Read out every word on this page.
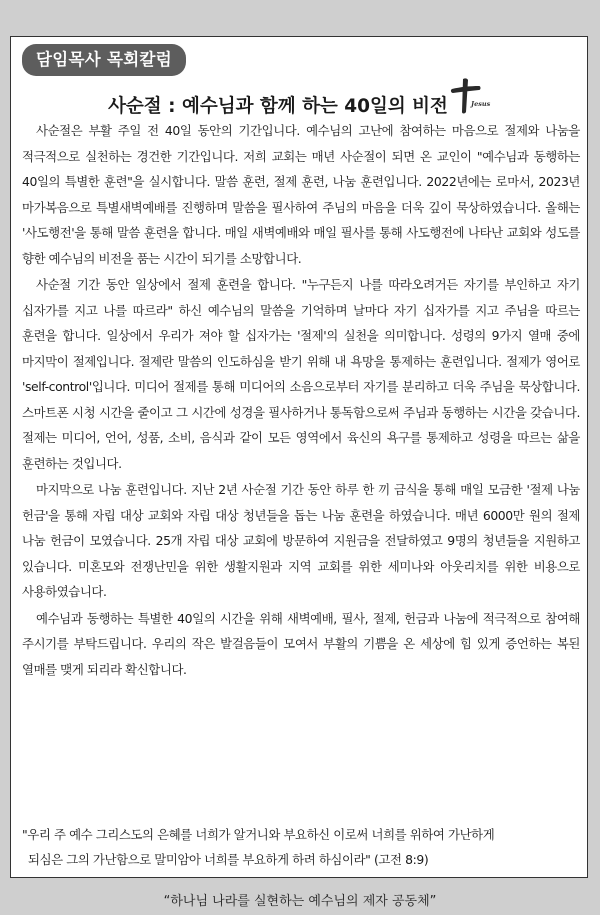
담임목사 목회칼럼
사순절 : 예수님과 함께 하는 40일의 비전	Jesus

사순절은 부활 주일 전 40일 동안의 기간입니다. 예수님의 고난에 참여하는 마음으로 절제와 나눔을 적극적으로 실천하는 경건한 기간입니다. 저희 교회는 매년 사순절이 되면 온 교인이 "예수님과 동행하는 40일의 특별한 훈련"을 실시합니다. 말씀 훈련, 절제 훈련, 나눔 훈련입니다. 2022년에는 로마서, 2023년 마가복음으로 특별새벽예배를 진행하며 말씀을 필사하여 주님의 마음을 더욱 깊이 묵상하였습니다. 올해는 '사도행전'을 통해 말씀 훈련을 합니다. 매일 새벽예배와 매일 필사를 통해 사도행전에 나타난 교회와 성도를 향한 예수님의 비전을 품는 시간이 되기를 소망합니다.

사순절 기간 동안 일상에서 절제 훈련을 합니다. "누구든지 나를 따라오려거든 자기를 부인하고 자기 십자가를 지고 나를 따르라" 하신 예수님의 말씀을 기억하며 날마다 자기 십자가를 지고 주님을 따르는 훈련을 합니다. 일상에서 우리가 져야 할 십자가는 '절제'의 실천을 의미합니다. 성령의 9가지 열매 중에 마지막이 절제입니다. 절제란 말씀의 인도하심을 받기 위해 내 욕망을 통제하는 훈련입니다. 절제가 영어로 'self-control'입니다. 미디어 절제를 통해 미디어의 소음으로부터 자기를 분리하고 더욱 주님을 묵상합니다. 스마트폰 시청 시간을 줄이고 그 시간에 성경을 필사하거나 통독함으로써 주님과 동행하는 시간을 갖습니다. 절제는 미디어, 언어, 성품, 소비, 음식과 같이 모든 영역에서 육신의 욕구를 통제하고 성령을 따르는 삶을 훈련하는 것입니다.

마지막으로 나눔 훈련입니다. 지난 2년 사순절 기간 동안 하루 한 끼 금식을 통해 매일 모금한 '절제 나눔 헌금'을 통해 자립 대상 교회와 자립 대상 청년들을 돕는 나눔 훈련을 하였습니다. 매년 6000만 원의 절제 나눔 헌금이 모였습니다. 25개 자립 대상 교회에 방문하여 지원금을 전달하였고 9명의 청년들을 지원하고 있습니다. 미혼모와 전쟁난민을 위한 생활지원과 지역 교회를 위한 세미나와 아웃리치를 위한 비용으로 사용하였습니다.

예수님과 동행하는 특별한 40일의 시간을 위해 새벽예배, 필사, 절제, 헌금과 나눔에 적극적으로 참여해 주시기를 부탁드립니다. 우리의 작은 발걸음들이 모여서 부활의 기쁨을 온 세상에 힘 있게 증언하는 복된 열매를 맺게 되리라 확신합니다.

"우리 주 예수 그리스도의 은혜를 너희가 알거니와 부요하신 이로써 너희를 위하여 가난하게
되심은 그의 가난함으로 말미암아 너희를 부요하게 하려 하심이라" (고전 8:9)
“하나님 나라를 실현하는 예수님의 제자 공동체”
